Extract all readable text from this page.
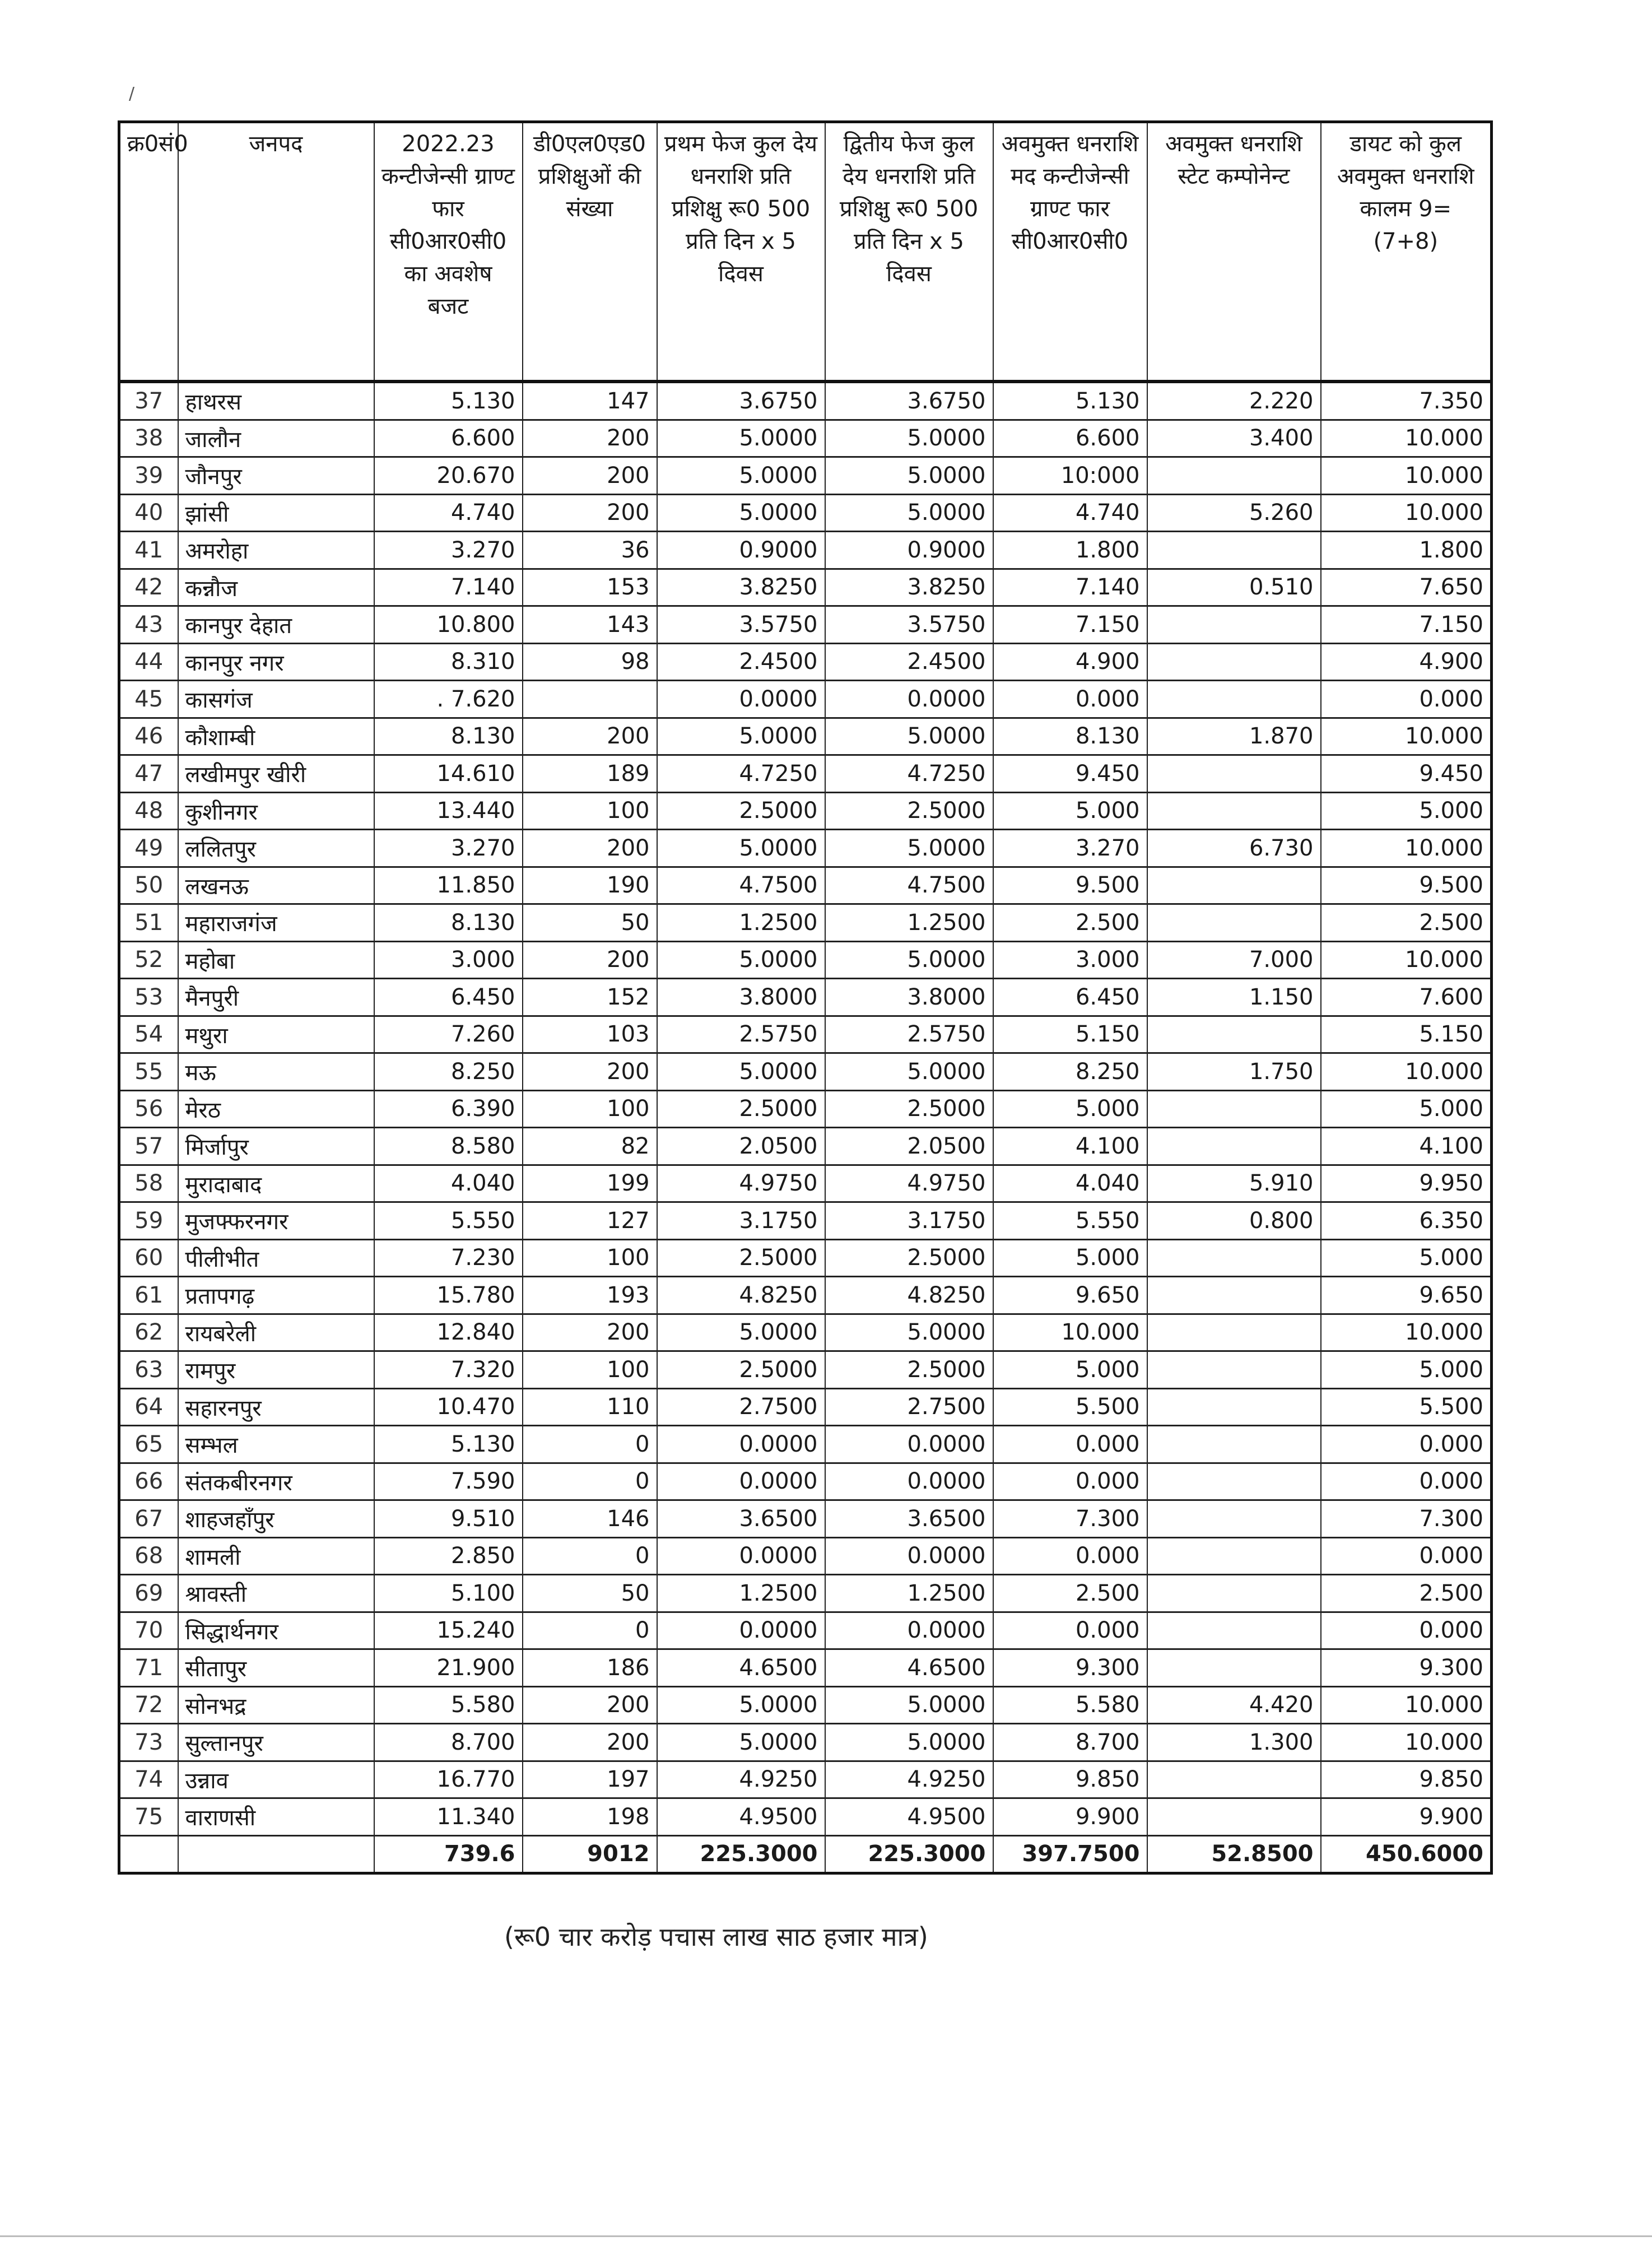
/
क्र0सं0	जनपद	2022.23 कन्टीजेन्सी ग्राण्ट फार सी0आर0सी0 का अवशेष बजट	डी0एल0एड0 प्रशिक्षुओं की संख्या	प्रथम फेज कुल देय धनराशि प्रति प्रशिक्षु रू0 500 प्रति दिन x 5 दिवस	द्वितीय फेज कुल देय धनराशि प्रति प्रशिक्षु रू0 500 प्रति दिन x 5 दिवस	अवमुक्त धनराशि मद कन्टीजेन्सी ग्राण्ट फार सी0आर0सी0	अवमुक्त धनराशि स्टेट कम्पोनेन्ट	डायट को कुल अवमुक्त धनराशि कालम 9=(7+8)
37	हाथरस	5.130	147	3.6750	3.6750	5.130	2.220	7.350
38	जालौन	6.600	200	5.0000	5.0000	6.600	3.400	10.000
39	जौनपुर	20.670	200	5.0000	5.0000	10:000		10.000
40	झांसी	4.740	200	5.0000	5.0000	4.740	5.260	10.000
41	अमरोहा	3.270	36	0.9000	0.9000	1.800		1.800
42	कन्नौज	7.140	153	3.8250	3.8250	7.140	0.510	7.650
43	कानपुर देहात	10.800	143	3.5750	3.5750	7.150		7.150
44	कानपुर नगर	8.310	98	2.4500	2.4500	4.900		4.900
45	कासगंज	. 7.620		0.0000	0.0000	0.000		0.000
46	कौशाम्बी	8.130	200	5.0000	5.0000	8.130	1.870	10.000
47	लखीमपुर खीरी	14.610	189	4.7250	4.7250	9.450		9.450
48	कुशीनगर	13.440	100	2.5000	2.5000	5.000		5.000
49	ललितपुर	3.270	200	5.0000	5.0000	3.270	6.730	10.000
50	लखनऊ	11.850	190	4.7500	4.7500	9.500		9.500
51	महाराजगंज	8.130	50	1.2500	1.2500	2.500		2.500
52	महोबा	3.000	200	5.0000	5.0000	3.000	7.000	10.000
53	मैनपुरी	6.450	152	3.8000	3.8000	6.450	1.150	7.600
54	मथुरा	7.260	103	2.5750	2.5750	5.150		5.150
55	मऊ	8.250	200	5.0000	5.0000	8.250	1.750	10.000
56	मेरठ	6.390	100	2.5000	2.5000	5.000		5.000
57	मिर्जापुर	8.580	82	2.0500	2.0500	4.100		4.100
58	मुरादाबाद	4.040	199	4.9750	4.9750	4.040	5.910	9.950
59	मुजफ्फरनगर	5.550	127	3.1750	3.1750	5.550	0.800	6.350
60	पीलीभीत	7.230	100	2.5000	2.5000	5.000		5.000
61	प्रतापगढ़	15.780	193	4.8250	4.8250	9.650		9.650
62	रायबरेली	12.840	200	5.0000	5.0000	10.000		10.000
63	रामपुर	7.320	100	2.5000	2.5000	5.000		5.000
64	सहारनपुर	10.470	110	2.7500	2.7500	5.500		5.500
65	सम्भल	5.130	0	0.0000	0.0000	0.000		0.000
66	संतकबीरनगर	7.590	0	0.0000	0.0000	0.000		0.000
67	शाहजहाँपुर	9.510	146	3.6500	3.6500	7.300		7.300
68	शामली	2.850	0	0.0000	0.0000	0.000		0.000
69	श्रावस्ती	5.100	50	1.2500	1.2500	2.500		2.500
70	सिद्धार्थनगर	15.240	0	0.0000	0.0000	0.000		0.000
71	सीतापुर	21.900	186	4.6500	4.6500	9.300		9.300
72	सोनभद्र	5.580	200	5.0000	5.0000	5.580	4.420	10.000
73	सुल्तानपुर	8.700	200	5.0000	5.0000	8.700	1.300	10.000
74	उन्नाव	16.770	197	4.9250	4.9250	9.850		9.850
75	वाराणसी	11.340	198	4.9500	4.9500	9.900		9.900
		739.6	9012	225.3000	225.3000	397.7500	52.8500	450.6000
(रू0 चार करोड़ पचास लाख साठ हजार मात्र)
